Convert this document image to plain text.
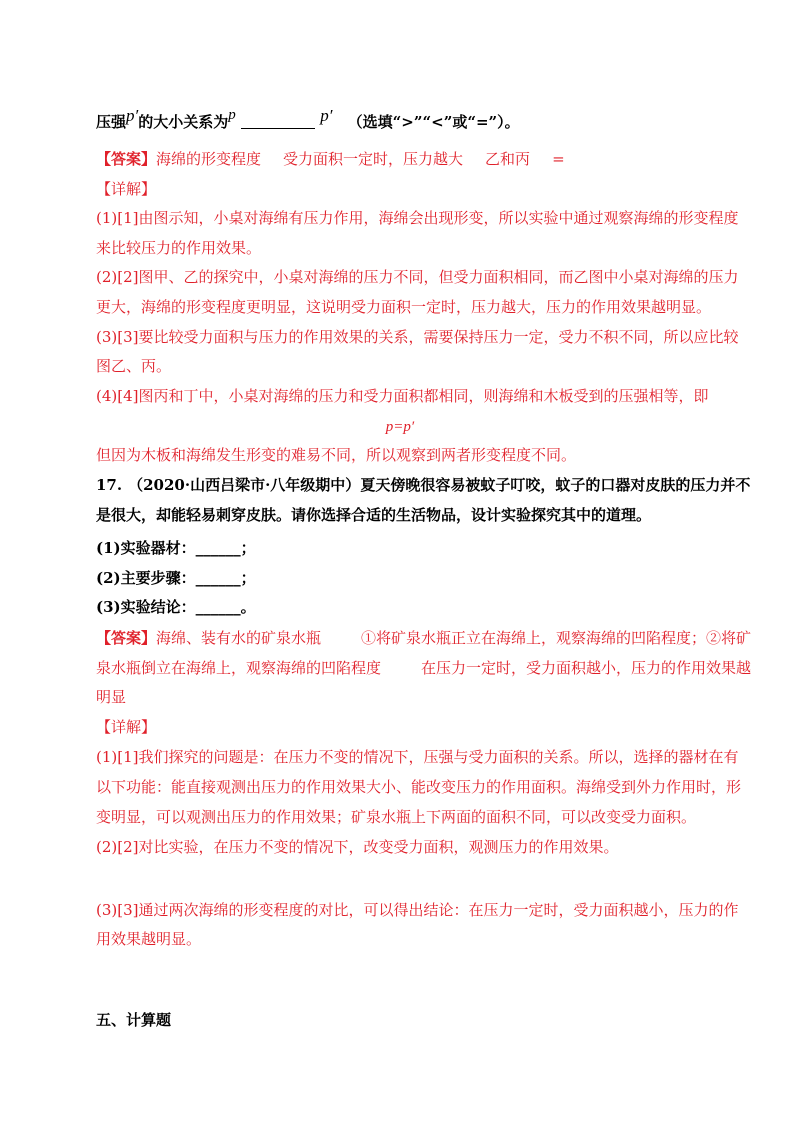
压强p′的大小关系为p	p′ （选填“>”“<”或“=”）。
【答案】海绵的形变程度 受力面积一定时，压力越大 乙和丙 =
【详解】
(1)[1]由图示知，小桌对海绵有压力作用，海绵会出现形变，所以实验中通过观察海绵的形变程度
来比较压力的作用效果。
(2)[2]图甲、乙的探究中，小桌对海绵的压力不同，但受力面积相同，而乙图中小桌对海绵的压力
更大，海绵的形变程度更明显，这说明受力面积一定时，压力越大，压力的作用效果越明显。
(3)[3]要比较受力面积与压力的作用效果的关系，需要保持压力一定，受力不积不同，所以应比较
图乙、丙。
(4)[4]图丙和丁中，小桌对海绵的压力和受力面积都相同，则海绵和木板受到的压强相等，即
p=p′
但因为木板和海绵发生形变的难易不同，所以观察到两者形变程度不同。
17. （2020·山西吕梁市·八年级期中）夏天傍晚很容易被蚊子叮咬，蚊子的口器对皮肤的压力并不
是很大，却能轻易刺穿皮肤。请你选择合适的生活物品，设计实验探究其中的道理。
(1)实验器材：______；
(2)主要步骤：______；
(3)实验结论：______。
【答案】海绵、装有水的矿泉水瓶	①将矿泉水瓶正立在海绵上，观察海绵的凹陷程度；②将矿
泉水瓶倒立在海绵上，观察海绵的凹陷程度	在压力一定时，受力面积越小，压力的作用效果越
明显
【详解】
(1)[1]我们探究的问题是：在压力不变的情况下，压强与受力面积的关系。所以，选择的器材在有
以下功能：能直接观测出压力的作用效果大小、能改变压力的作用面积。海绵受到外力作用时，形
变明显，可以观测出压力的作用效果；矿泉水瓶上下两面的面积不同，可以改变受力面积。
(2)[2]对比实验，在压力不变的情况下，改变受力面积，观测压力的作用效果。
(3)[3]通过两次海绵的形变程度的对比，可以得出结论：在压力一定时，受力面积越小，压力的作
用效果越明显。
五、计算题
